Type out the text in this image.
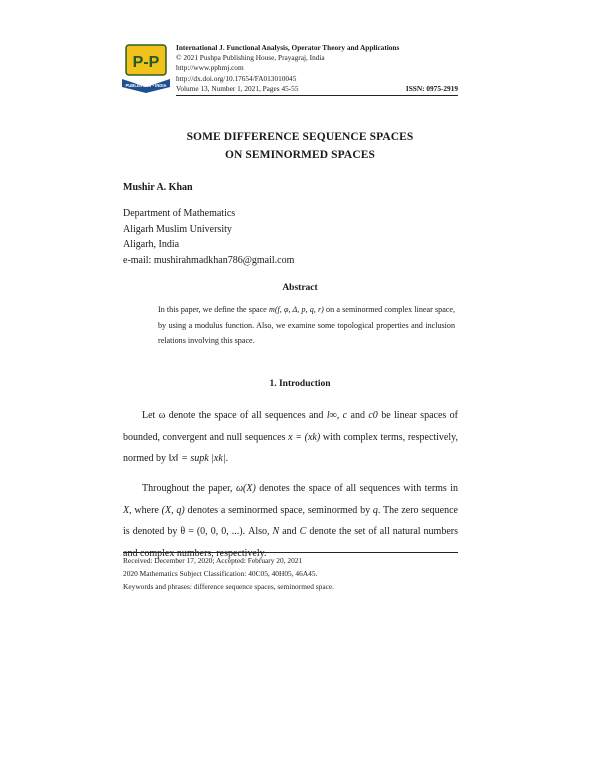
P-P
PUBLISHING • INDIA
International J. Functional Analysis, Operator Theory and Applications
© 2021 Pushpa Publishing House, Prayagraj, India
http://www.pphmj.com
http://dx.doi.org/10.17654/FA013010045
Volume 13, Number 1, 2021, Pages 45-55	ISSN: 0975-2919
SOME DIFFERENCE SEQUENCE SPACES
ON SEMINORMED SPACES
Mushir A. Khan
Department of Mathematics
Aligarh Muslim University
Aligarh, India
e-mail: mushirahmadkhan786@gmail.com
Abstract
In this paper, we define the space m(f, φ, Δ, p, q, r) on a seminormed complex linear space, by using a modulus function. Also, we examine some topological properties and inclusion relations involving this space.
1. Introduction
Let ω denote the space of all sequences and l∞, c and c0 be linear spaces of bounded, convergent and null sequences x = (xk) with complex terms, respectively, normed by ‖x‖ = supk |xk|.
Throughout the paper, ω(X) denotes the space of all sequences with terms in X, where (X, q) denotes a seminormed space, seminormed by q. The zero sequence is denoted by θ = (0, 0, 0, ...). Also, N and C denote the set of all natural numbers and complex numbers, respectively.
Received: December 17, 2020; Accepted: February 20, 2021
2020 Mathematics Subject Classification: 40C05, 40H05, 46A45.
Keywords and phrases: difference sequence spaces, seminormed space.
